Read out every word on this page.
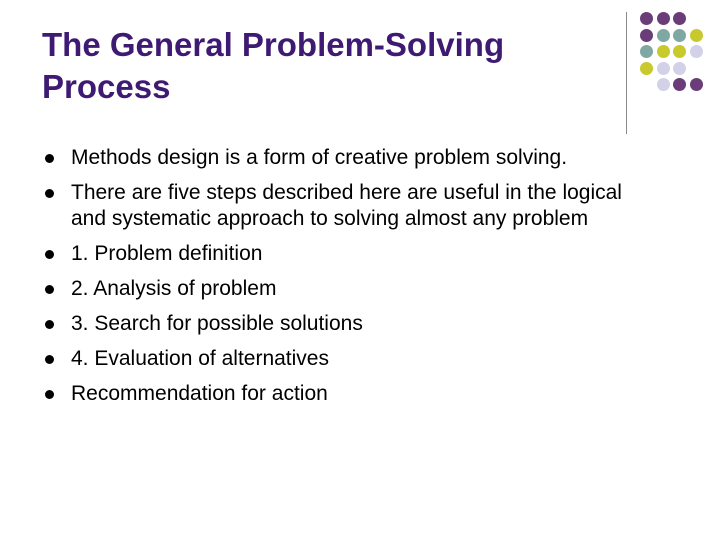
The General Problem-Solving
Process
Methods design is a form of creative problem solving.
There are five steps described here are useful in the logical and systematic approach to solving almost any problem
1. Problem definition
2. Analysis of problem
3. Search for possible solutions
4. Evaluation of alternatives
Recommendation for action
